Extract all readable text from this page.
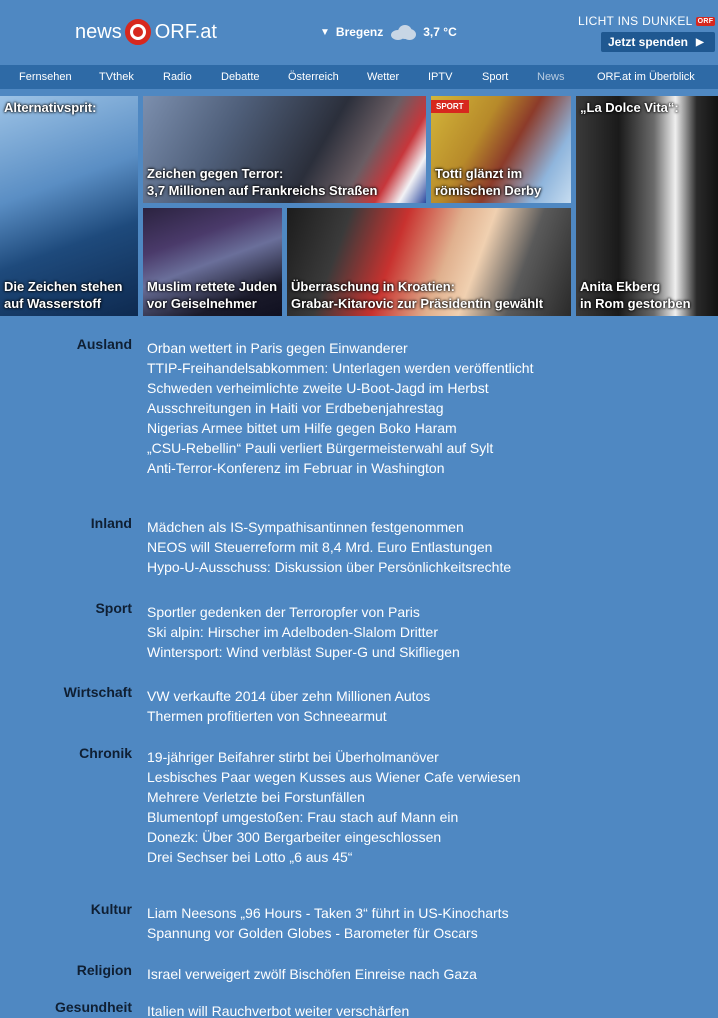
news ORF.at	▼ Bregenz	3,7 °C
LICHT INS DUNKEL ORF
Jetzt spenden ▶
Fernsehen TVthek	Radio	Debatte	Österreich	Wetter	IPTV	Sport	News	ORF.at im Überblick
Alternativsprit:
Die Zeichen stehen
auf Wasserstoff
Zeichen gegen Terror:
3,7 Millionen auf Frankreichs Straßen
SPORT
Totti glänzt im
römischen Derby
„La Dolce Vita“:
Anita Ekberg
in Rom gestorben
Muslim rettete Juden
vor Geiselnehmer
Überraschung in Kroatien:
Grabar-Kitarovic zur Präsidentin gewählt
Ausland Orban wettert in Paris gegen Einwanderer
TTIP-Freihandelsabkommen: Unterlagen werden veröffentlicht
Schweden verheimlichte zweite U-Boot-Jagd im Herbst
Ausschreitungen in Haiti vor Erdbebenjahrestag
Nigerias Armee bittet um Hilfe gegen Boko Haram
„CSU-Rebellin“ Pauli verliert Bürgermeisterwahl auf Sylt
Anti-Terror-Konferenz im Februar in Washington
Inland Mädchen als IS-Sympathisantinnen festgenommen
NEOS will Steuerreform mit 8,4 Mrd. Euro Entlastungen
Hypo-U-Ausschuss: Diskussion über Persönlichkeitsrechte
Sport Sportler gedenken der Terroropfer von Paris
Ski alpin: Hirscher im Adelboden-Slalom Dritter
Wintersport: Wind verbläst Super-G und Skifliegen
Wirtschaft VW verkaufte 2014 über zehn Millionen Autos
Thermen profitierten von Schneearmut
Chronik 19-jähriger Beifahrer stirbt bei Überholmanöver
Lesbisches Paar wegen Kusses aus Wiener Cafe verwiesen
Mehrere Verletzte bei Forstunfällen
Blumentopf umgestoßen: Frau stach auf Mann ein
Donezk: Über 300 Bergarbeiter eingeschlossen
Drei Sechser bei Lotto „6 aus 45“
Kultur Liam Neesons „96 Hours - Taken 3“ führt in US-Kinocharts
Spannung vor Golden Globes - Barometer für Oscars
Religion Israel verweigert zwölf Bischöfen Einreise nach Gaza
Gesundheit Italien will Rauchverbot weiter verschärfen
